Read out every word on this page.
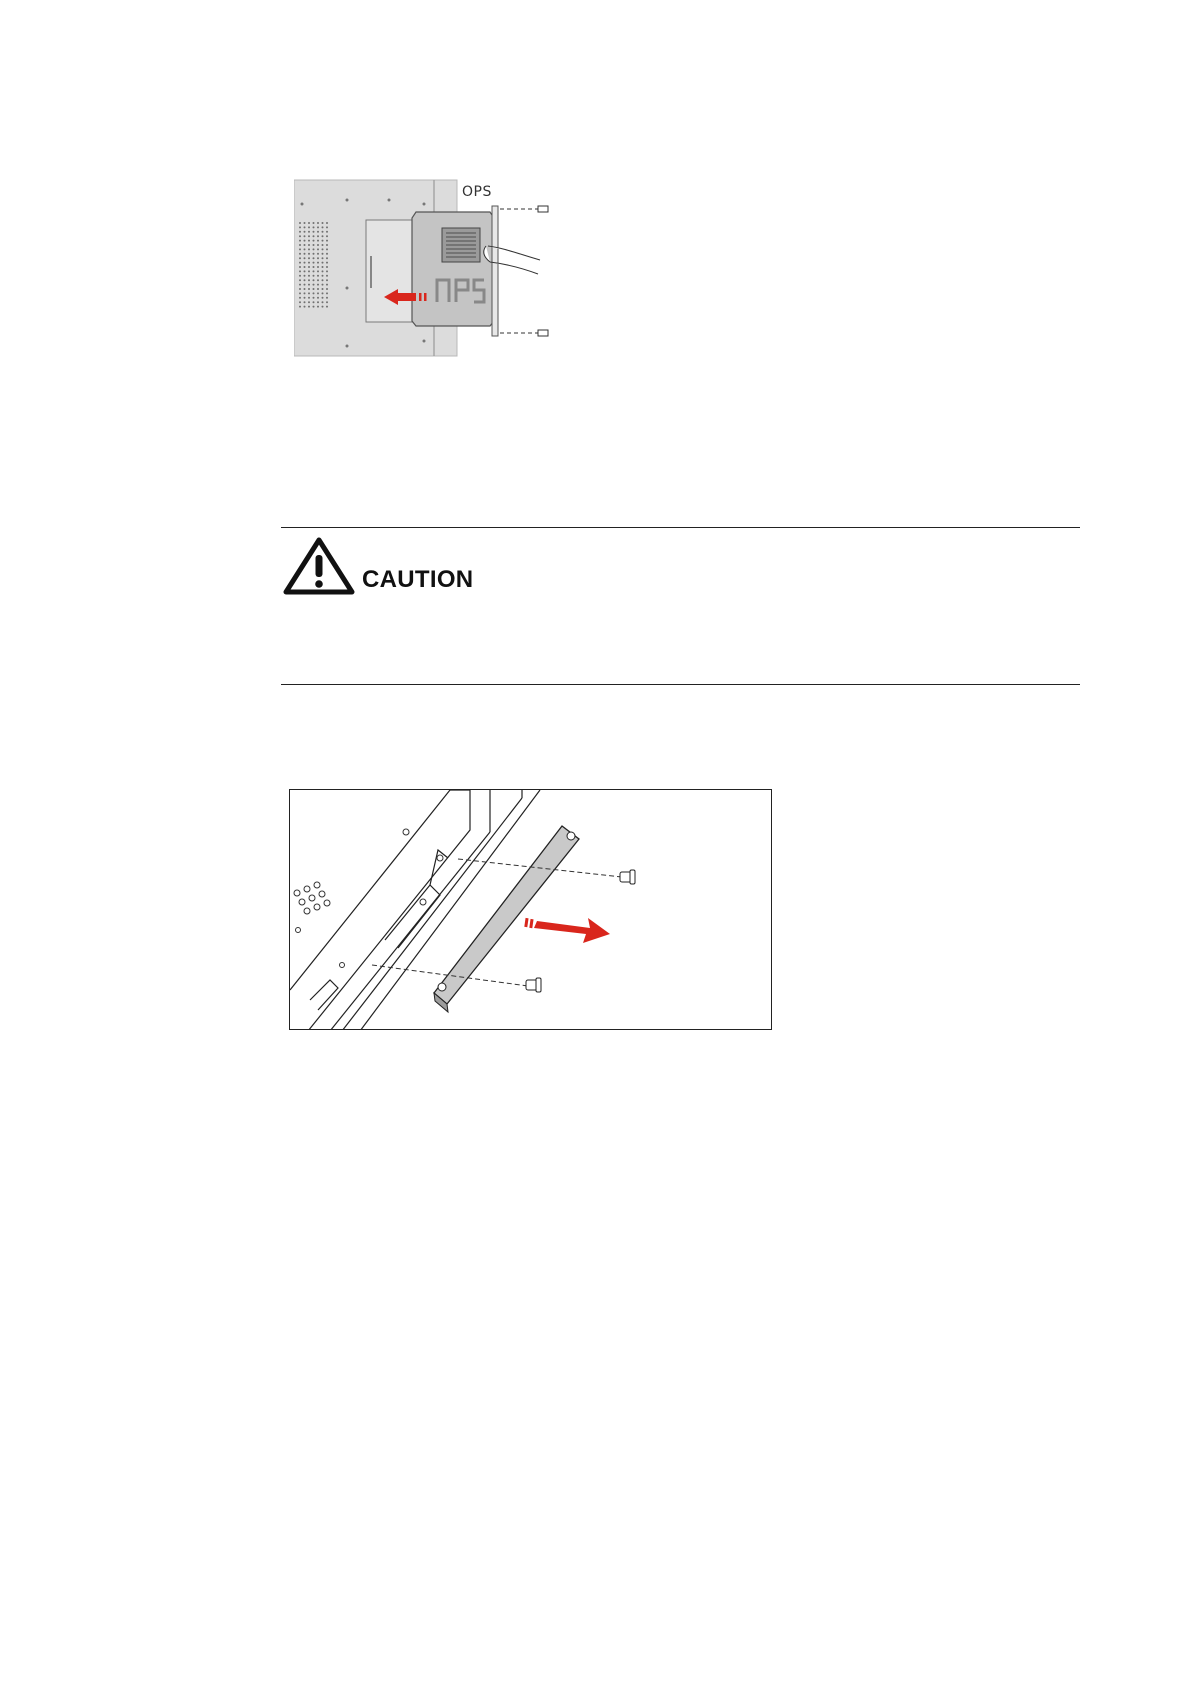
OPS
CAUTION
